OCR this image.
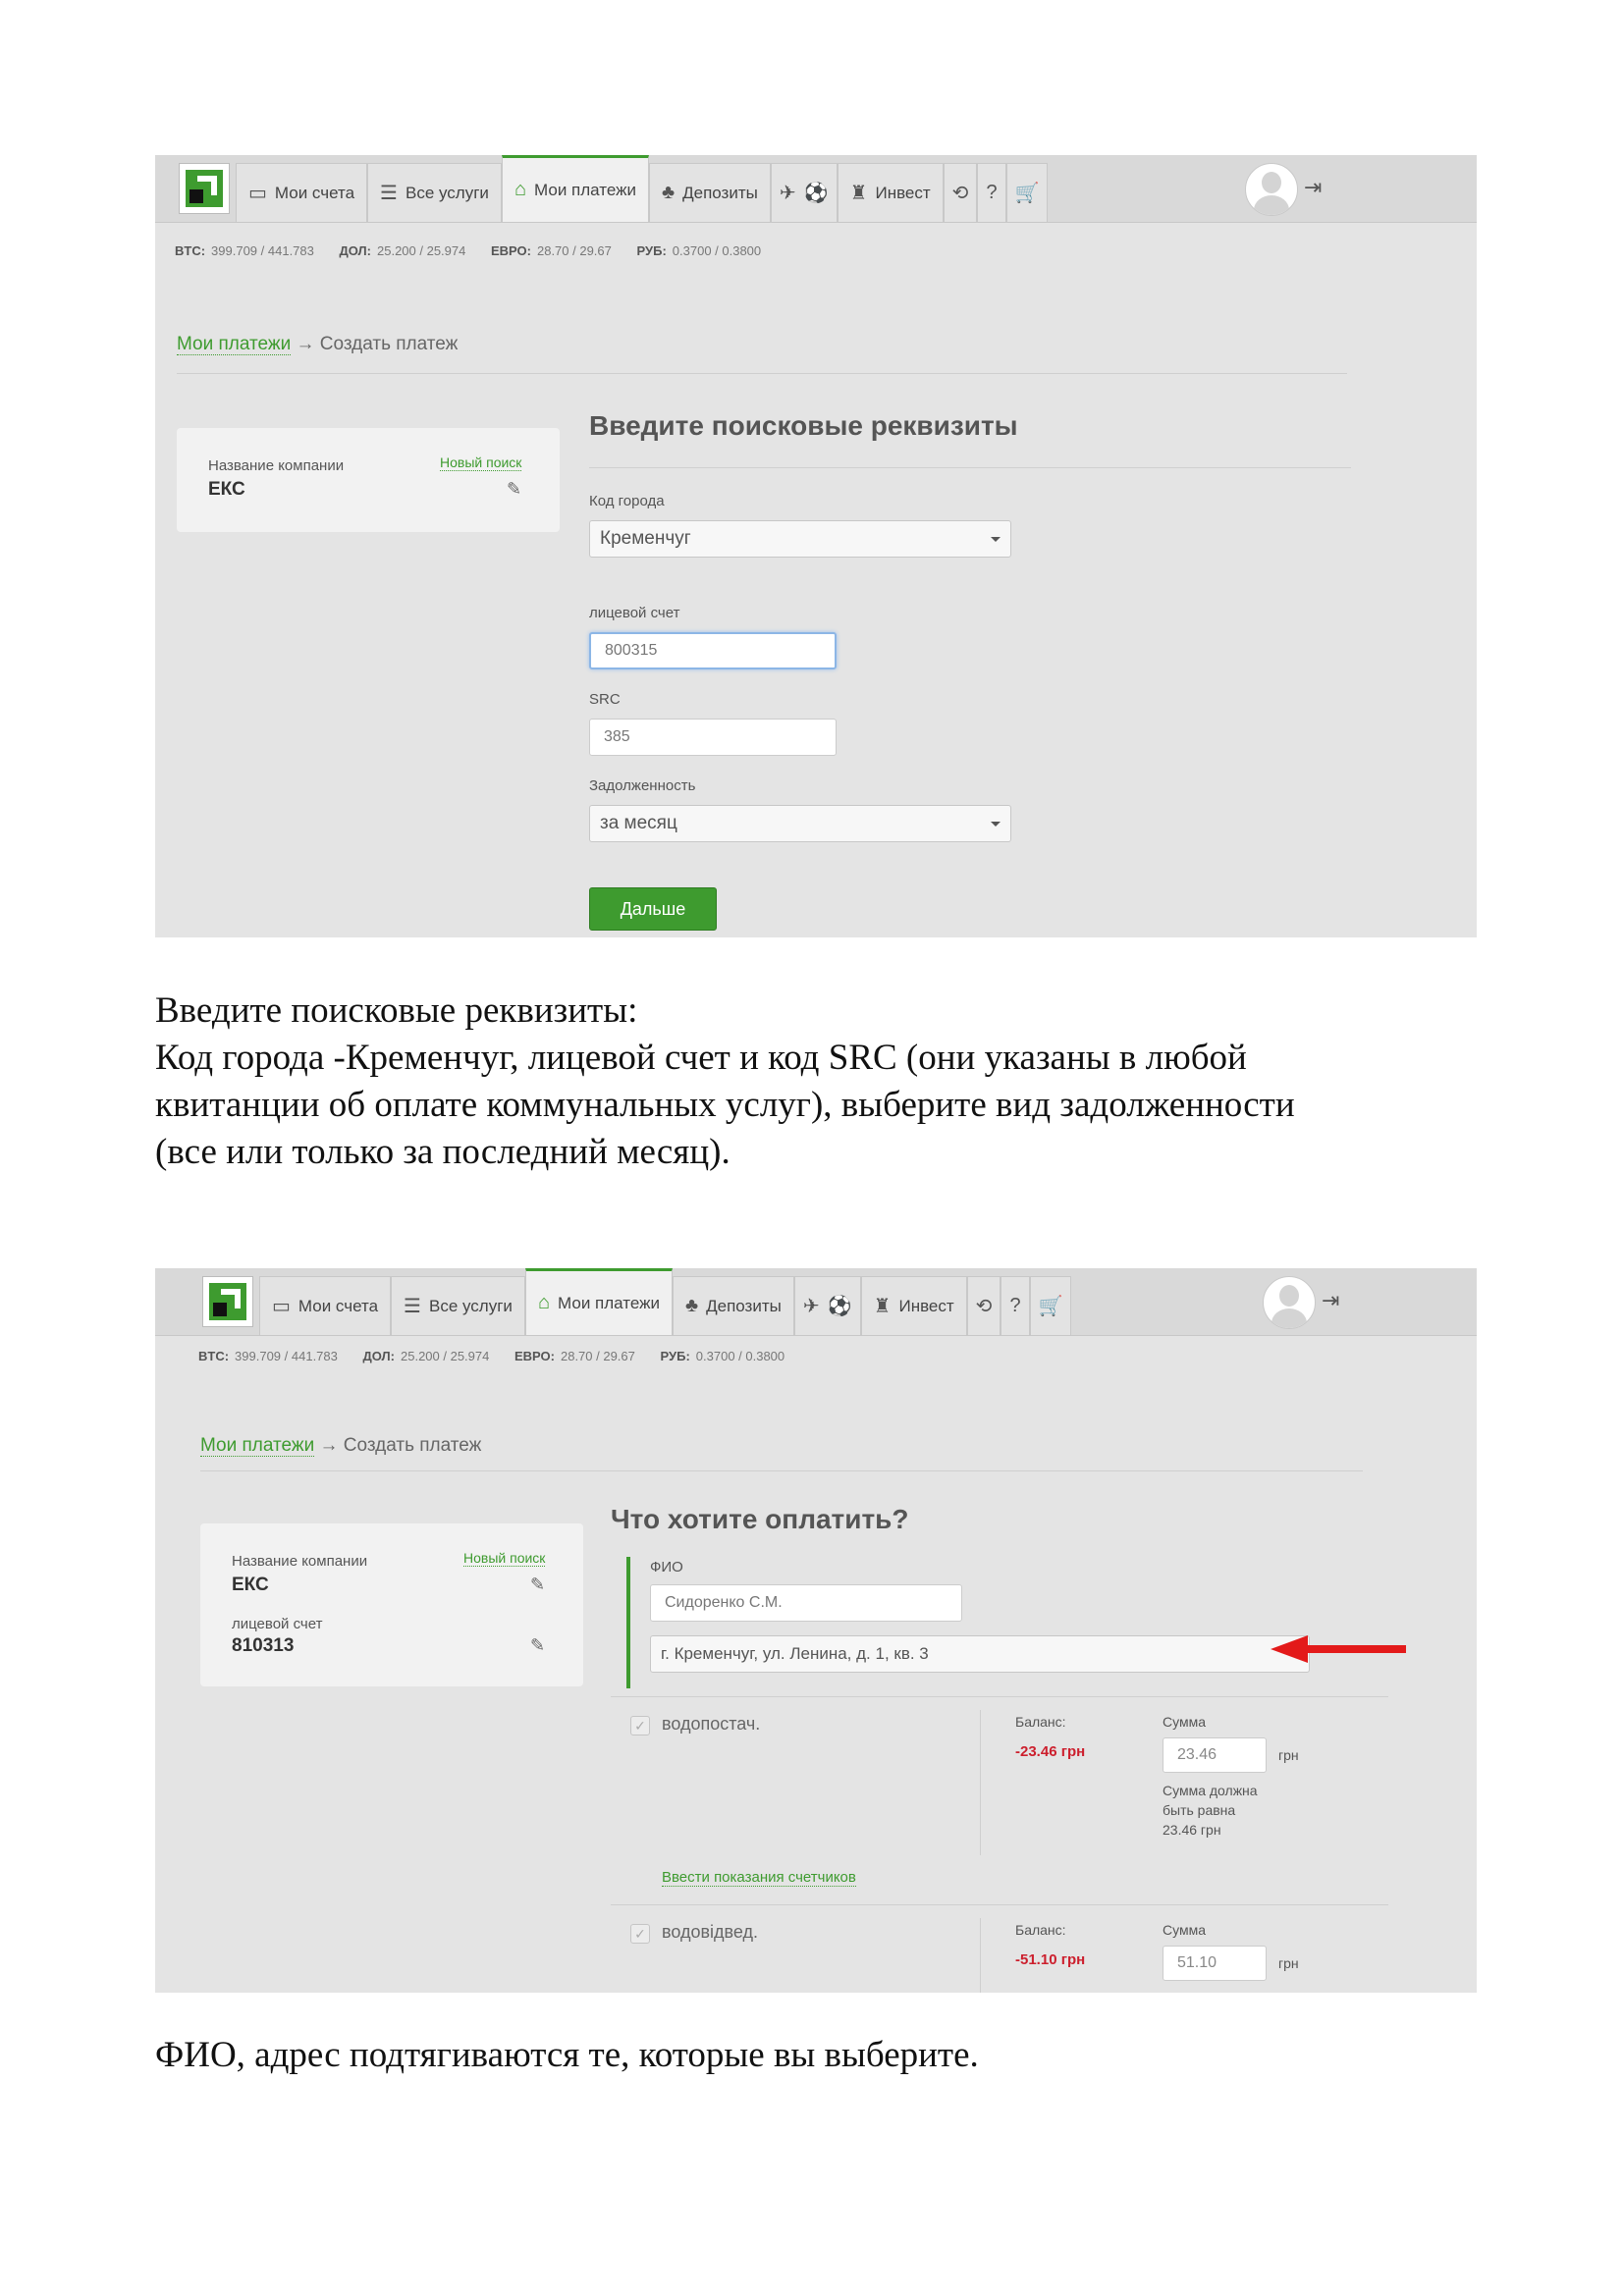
▭ Мои счета ☰ Все услуги ⌂ Мои платежи ♣ Депозиты ✈ ⚽ ♜ Инвест ⟲ ? 🛒	⇥
BTC: 399.709 / 441.783 ДОЛ: 25.200 / 25.974 ЕВРО: 28.70 / 29.67 РУБ: 0.3700 / 0.3800
Мои платежи → Создать платеж
Название компании	Новый поиск
ЕКС	✎
Введите поисковые реквизиты
Код города
Кременчуг
лицевой счет
800315
SRC
385
Задолженность
за месяц
Дальше
Введите поисковые реквизиты:
Код города -Кременчуг, лицевой счет и код SRC (они указаны в любой
квитанции об оплате коммунальных услуг), выберите вид задолженности
(все или только за последний месяц).
▭ Мои счета ☰ Все услуги ⌂ Мои платежи ♣ Депозиты ✈ ⚽ ♜ Инвест ⟲ ? 🛒	⇥
BTC: 399.709 / 441.783 ДОЛ: 25.200 / 25.974 ЕВРО: 28.70 / 29.67 РУБ: 0.3700 / 0.3800
Мои платежи → Создать платеж
Название компании	Новый поиск
ЕКС	✎
лицевой счет
810313	✎
Что хотите оплатить?
ФИО
Сидоренко С.М.
г. Кременчуг, ул. Ленина, д. 1, кв. 3
✓ водопостач.	Баланс:
-23.46 грн
Сумма
23.46	грн
Сумма должна
быть равна
23.46 грн
Ввести показания счетчиков
✓ водовідвед.	Баланс:
-51.10 грн
Сумма
51.10	грн
ФИО, адрес подтягиваются те, которые вы выберите.
